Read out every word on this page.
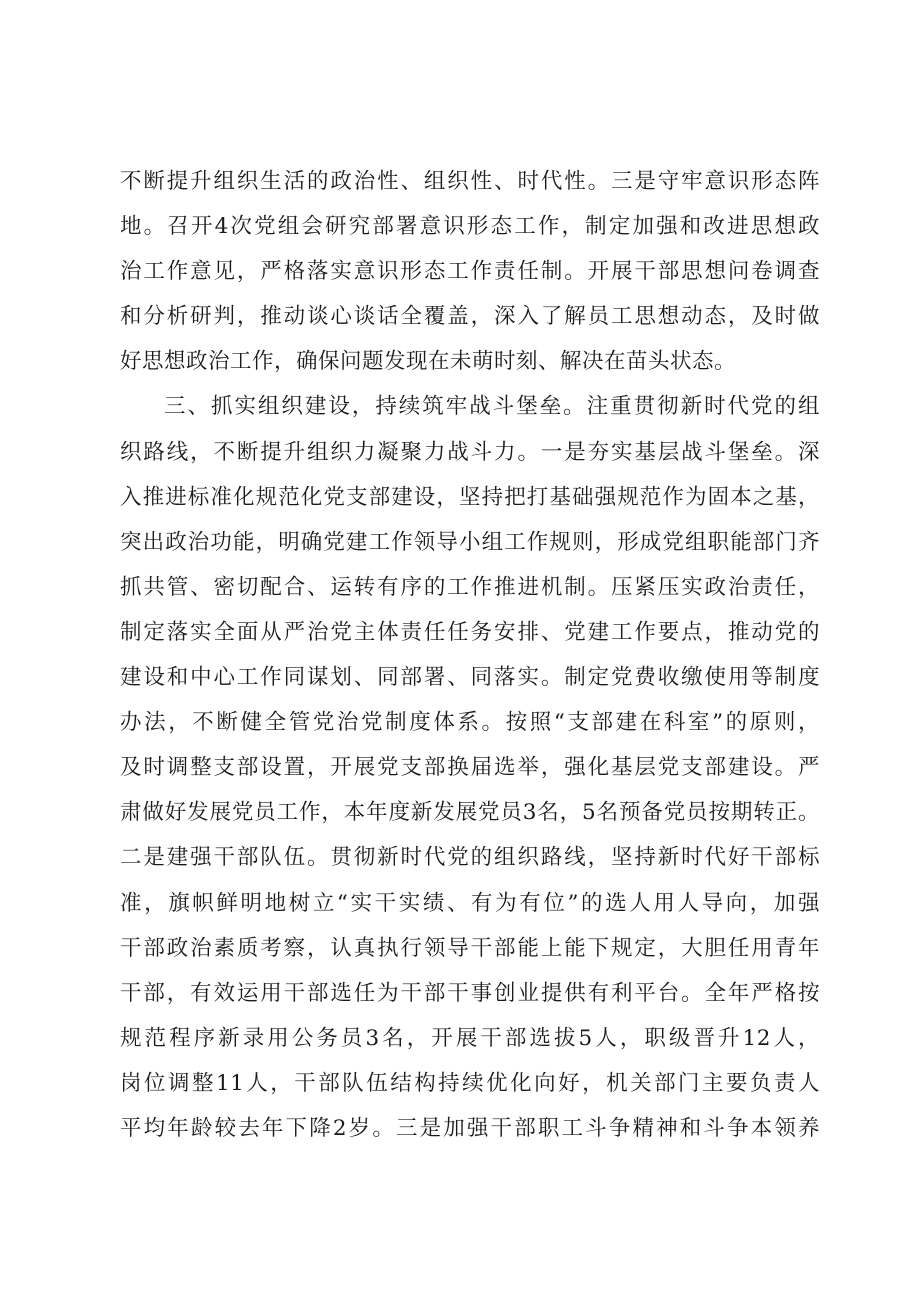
不断提升组织生活的政治性、组织性、时代性。三是守牢意识形态阵
地。召开4次党组会研究部署意识形态工作，制定加强和改进思想政
治工作意见，严格落实意识形态工作责任制。开展干部思想问卷调查
和分析研判，推动谈心谈话全覆盖，深入了解员工思想动态，及时做
好思想政治工作，确保问题发现在未萌时刻、解决在苗头状态。
三、抓实组织建设，持续筑牢战斗堡垒。注重贯彻新时代党的组
织路线，不断提升组织力凝聚力战斗力。一是夯实基层战斗堡垒。深
入推进标准化规范化党支部建设，坚持把打基础强规范作为固本之基，
突出政治功能，明确党建工作领导小组工作规则，形成党组职能部门齐
抓共管、密切配合、运转有序的工作推进机制。压紧压实政治责任，
制定落实全面从严治党主体责任任务安排、党建工作要点，推动党的
建设和中心工作同谋划、同部署、同落实。制定党费收缴使用等制度
办法，不断健全管党治党制度体系。按照“支部建在科室”的原则，
及时调整支部设置，开展党支部换届选举，强化基层党支部建设。严
肃做好发展党员工作，本年度新发展党员3名，5名预备党员按期转正。
二是建强干部队伍。贯彻新时代党的组织路线，坚持新时代好干部标
准，旗帜鲜明地树立“实干实绩、有为有位”的选人用人导向，加强
干部政治素质考察，认真执行领导干部能上能下规定，大胆任用青年
干部，有效运用干部选任为干部干事创业提供有利平台。全年严格按
规范程序新录用公务员3名，开展干部选拔5人，职级晋升12人，
岗位调整11人，干部队伍结构持续优化向好，机关部门主要负责人
平均年龄较去年下降2岁。三是加强干部职工斗争精神和斗争本领养
